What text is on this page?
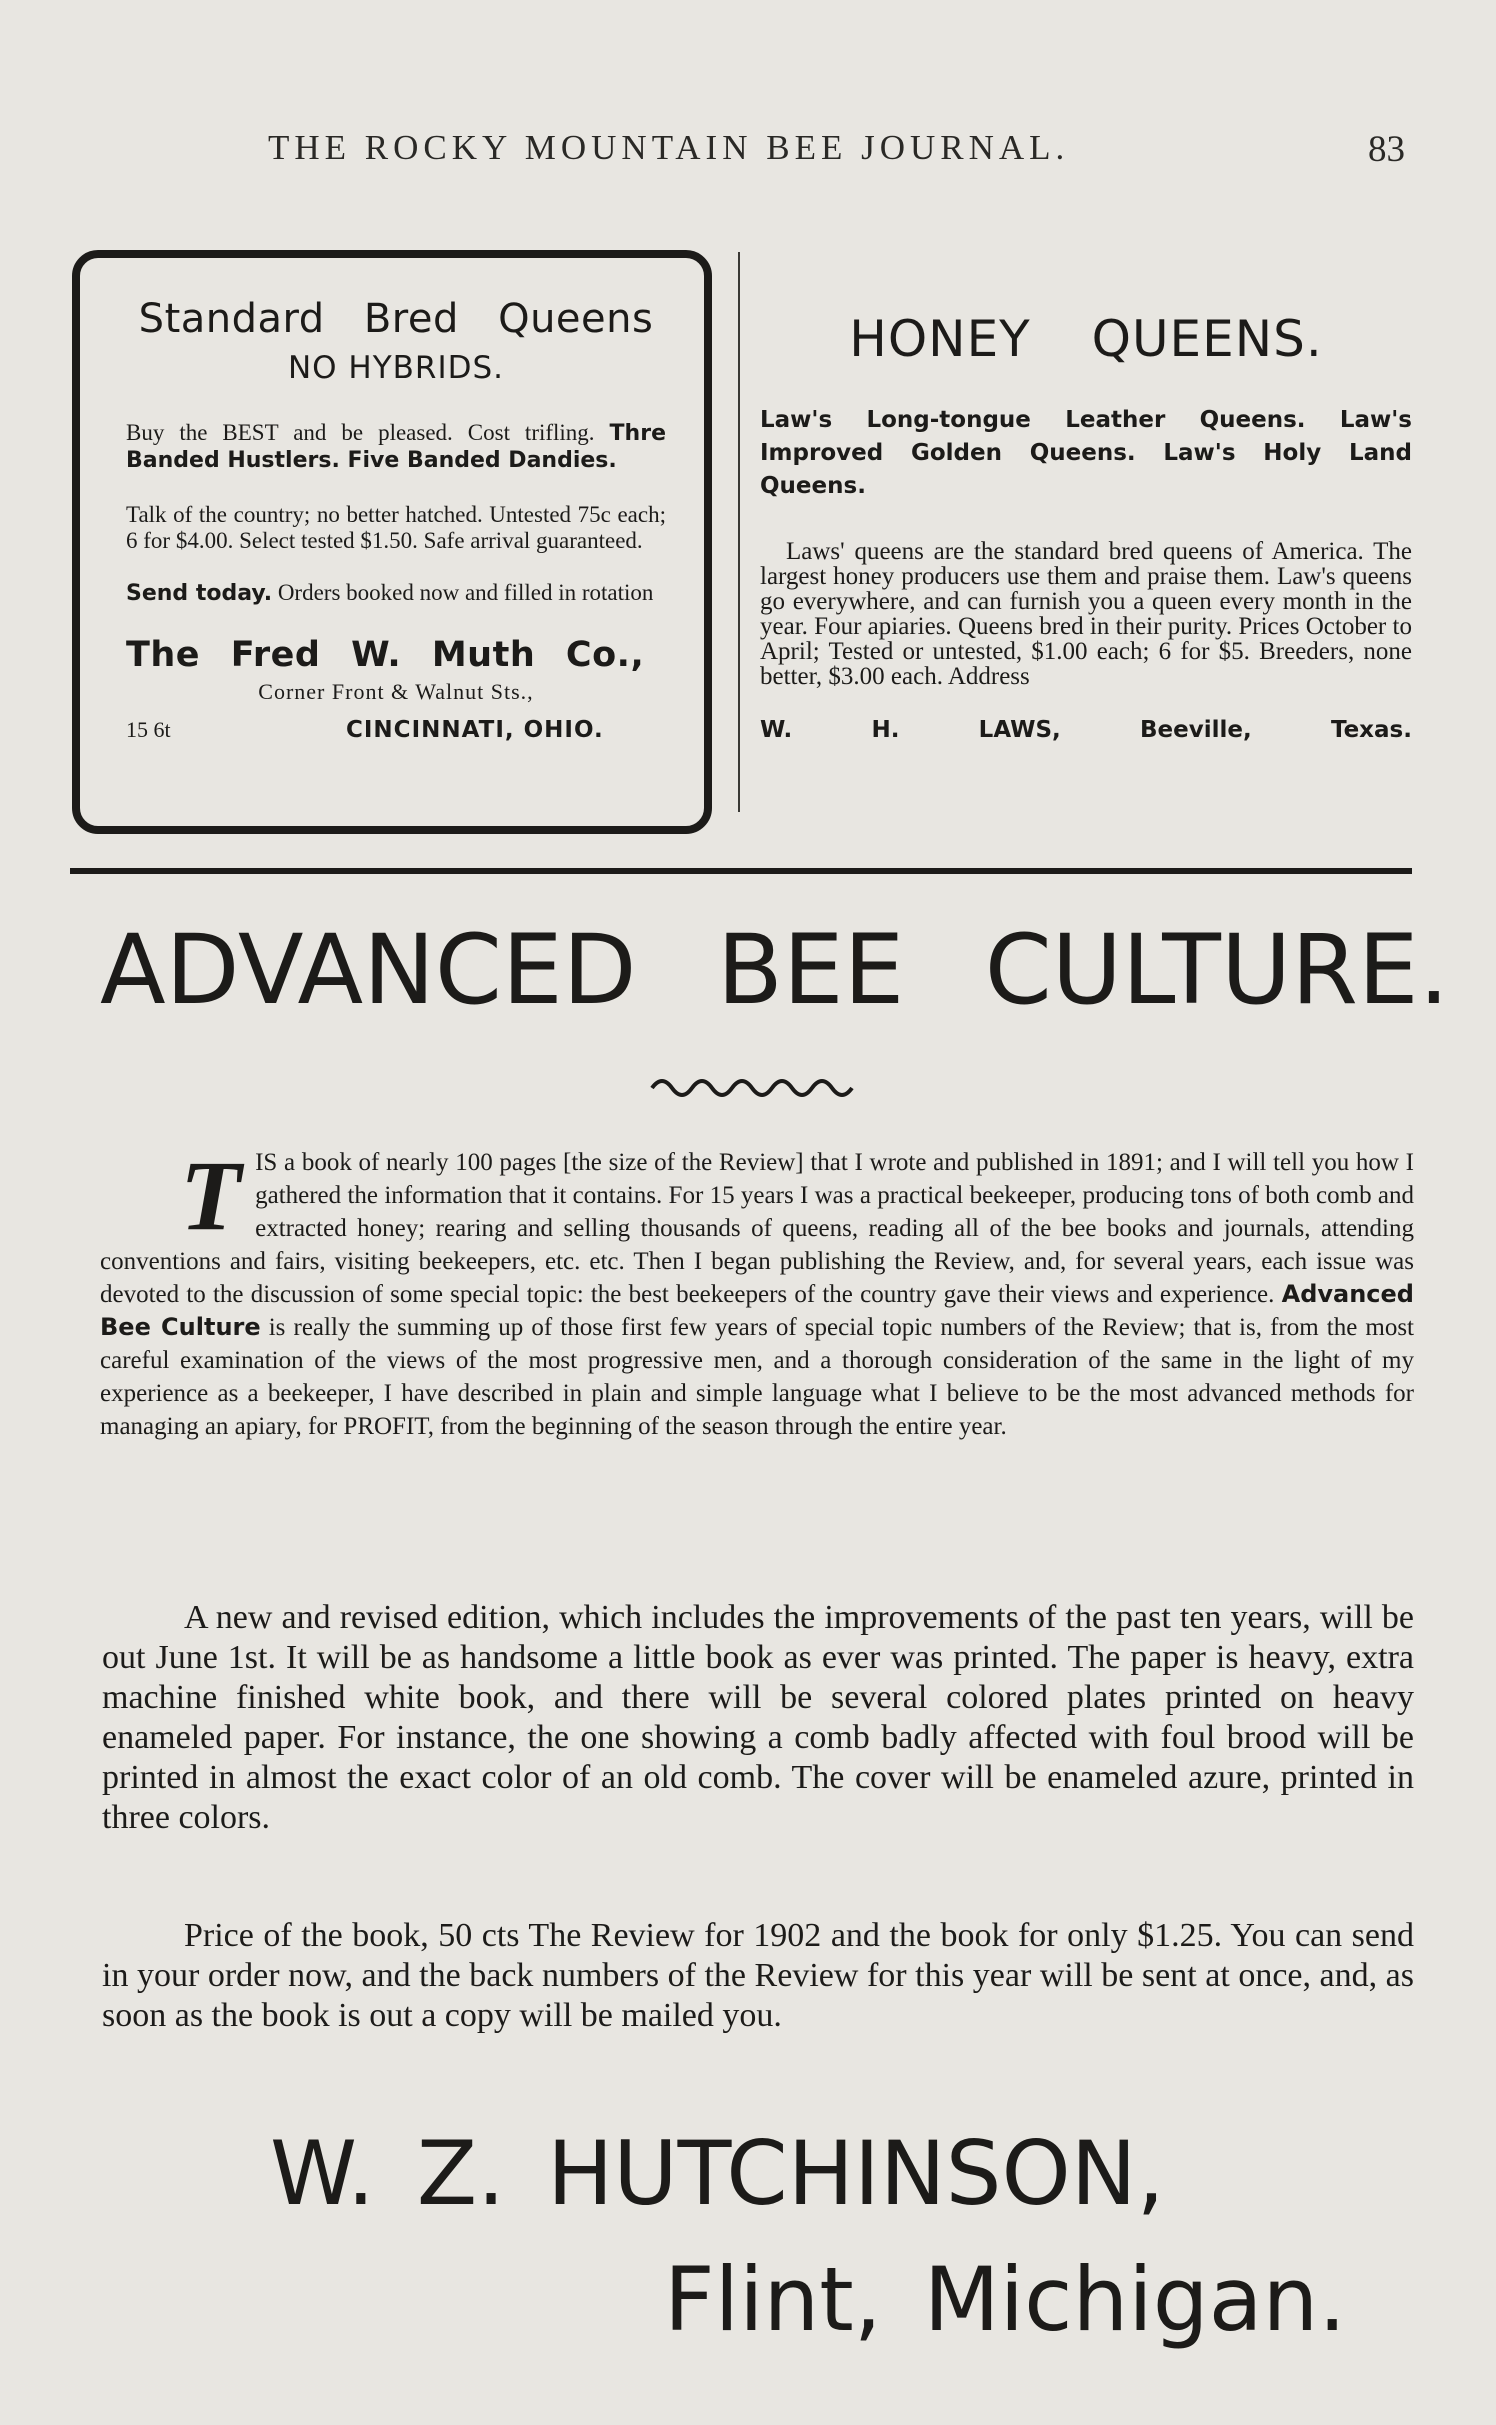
THE ROCKY MOUNTAIN BEE JOURNAL.	83
Standard Bred Queens
NO HYBRIDS.

Buy the BEST and be pleased. Cost trifling. Thre Banded Hustlers. Five Banded Dandies.

Talk of the country; no better hatched. Untested 75c each; 6 for $4.00. Select tested $1.50. Safe arrival guaranteed.

Send today. Orders booked now and filled in rotation

The Fred W. Muth Co.,
Corner Front & Walnut Sts.,
15 6t	CINCINNATI, OHIO.
HONEY QUEENS.

Law's Long-tongue Leather Queens. Law's Improved Golden Queens. Law's Holy Land Queens.

Laws' queens are the standard bred queens of America. The largest honey producers use them and praise them. Law's queens go everywhere, and can furnish you a queen every month in the year. Four apiaries. Queens bred in their purity. Prices October to April; Tested or untested, $1.00 each; 6 for $5. Breeders, none better, $3.00 each. Address

W.	H.	LAWS,	Beeville,	Texas.
ADVANCED BEE CULTURE.

TIS a book of nearly 100 pages [the size of the Review] that I wrote and published in 1891; and I will tell you how I gathered the information that it contains. For 15 years I was a practical beekeeper, producing tons of both comb and extracted honey; rearing and selling thousands of queens, reading all of the bee books and journals, attending conventions and fairs, visiting beekeepers, etc. etc. Then I began publishing the Review, and, for several years, each issue was devoted to the discussion of some special topic: the best beekeepers of the country gave their views and experience. Advanced Bee Culture is really the summing up of those first few years of special topic numbers of the Review; that is, from the most careful examination of the views of the most progressive men, and a thorough consideration of the same in the light of my experience as a beekeeper, I have described in plain and simple language what I believe to be the most advanced methods for managing an apiary, for PROFIT, from the beginning of the season through the entire year.

A new and revised edition, which includes the improvements of the past ten years, will be out June 1st. It will be as handsome a little book as ever was printed. The paper is heavy, extra machine finished white book, and there will be several colored plates printed on heavy enameled paper. For instance, the one showing a comb badly affected with foul brood will be printed in almost the exact color of an old comb. The cover will be enameled azure, printed in three colors.

Price of the book, 50 cts The Review for 1902 and the book for only $1.25. You can send in your order now, and the back numbers of the Review for this year will be sent at once, and, as soon as the book is out a copy will be mailed you.

W. Z. HUTCHINSON,
Flint, Michigan.
